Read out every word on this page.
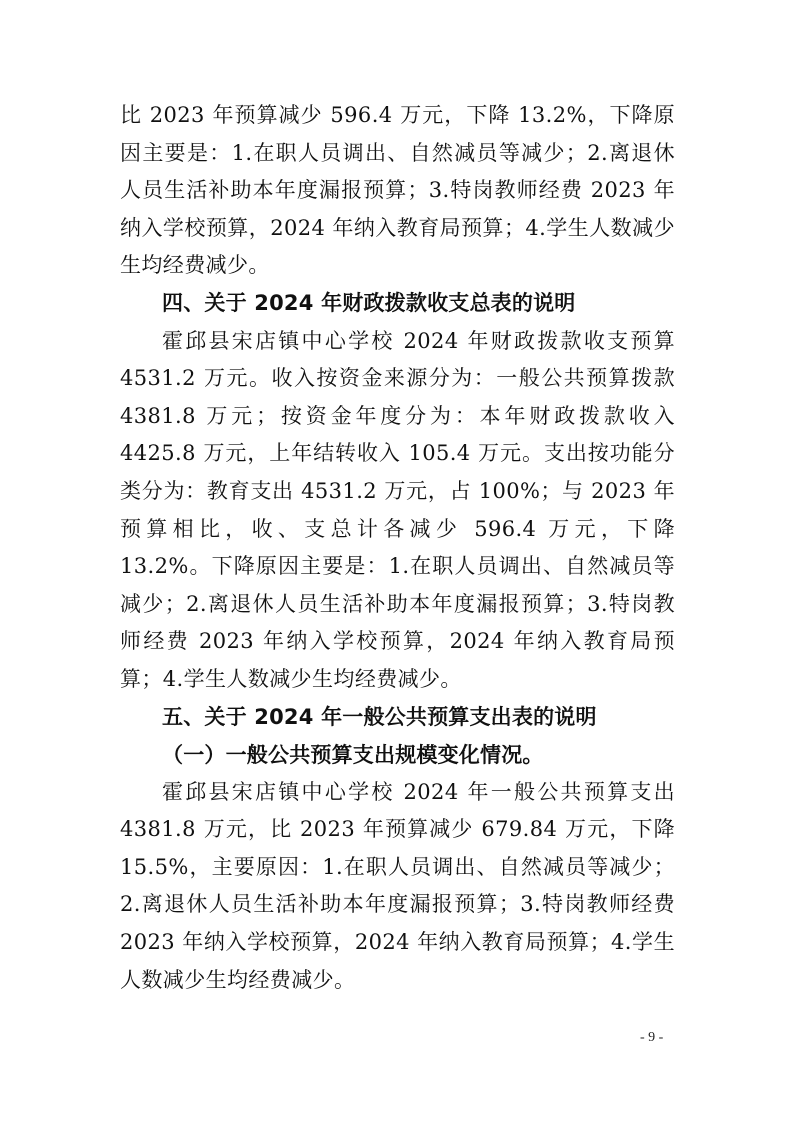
比 2023 年预算减少 596.4 万元，下降 13.2%，下降原因主要是：1.在职人员调出、自然减员等减少；2.离退休人员生活补助本年度漏报预算；3.特岗教师经费 2023 年纳入学校预算，2024 年纳入教育局预算；4.学生人数减少生均经费减少。

四、关于 2024 年财政拨款收支总表的说明

霍邱县宋店镇中心学校 2024 年财政拨款收支预算 4531.2 万元。收入按资金来源分为：一般公共预算拨款 4381.8 万元；按资金年度分为：本年财政拨款收入 4425.8 万元，上年结转收入 105.4 万元。支出按功能分类分为：教育支出 4531.2 万元，占 100%；与 2023 年预算相比，收、支总计各减少 596.4 万元，下降 13.2%。下降原因主要是：1.在职人员调出、自然减员等减少；2.离退休人员生活补助本年度漏报预算；3.特岗教师经费 2023 年纳入学校预算，2024 年纳入教育局预算；4.学生人数减少生均经费减少。

五、关于 2024 年一般公共预算支出表的说明

（一）一般公共预算支出规模变化情况。

霍邱县宋店镇中心学校 2024 年一般公共预算支出 4381.8 万元，比 2023 年预算减少 679.84 万元，下降 15.5%，主要原因：1.在职人员调出、自然减员等减少；2.离退休人员生活补助本年度漏报预算；3.特岗教师经费 2023 年纳入学校预算，2024 年纳入教育局预算；4.学生人数减少生均经费减少。

- 9 -
